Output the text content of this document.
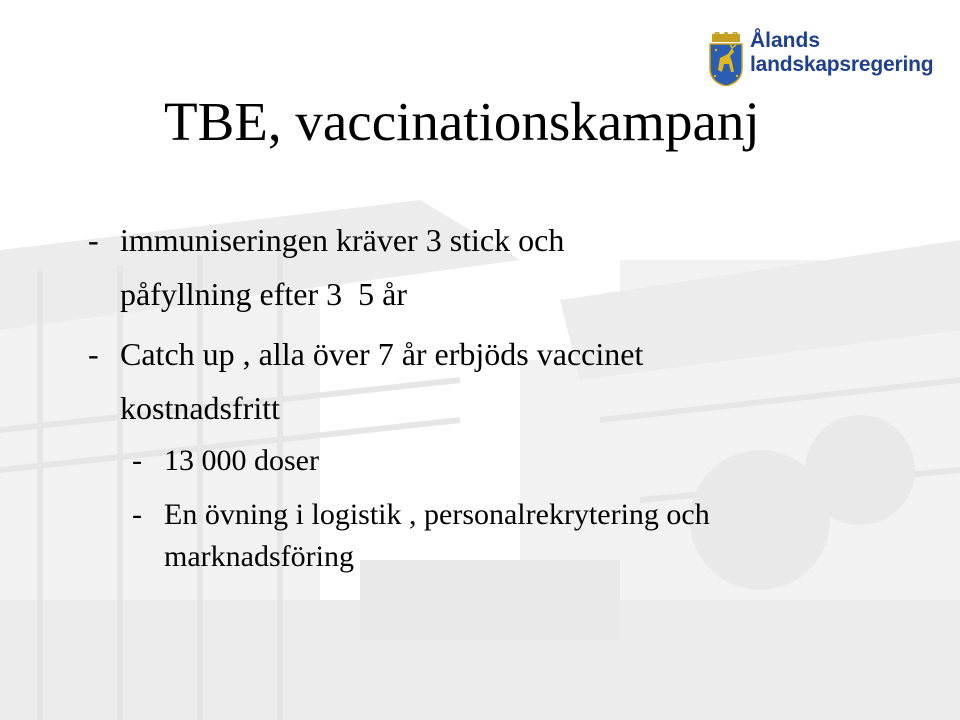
Ålands
landskapsregering
TBE, vaccinationskampanj
- immuniseringen kräver 3 stick och
påfyllning efter 3  5 år
- Catch up , alla över 7 år erbjöds vaccinet
kostnadsfritt
- 13 000 doser
- En övning i logistik , personalrekrytering och
marknadsföring
